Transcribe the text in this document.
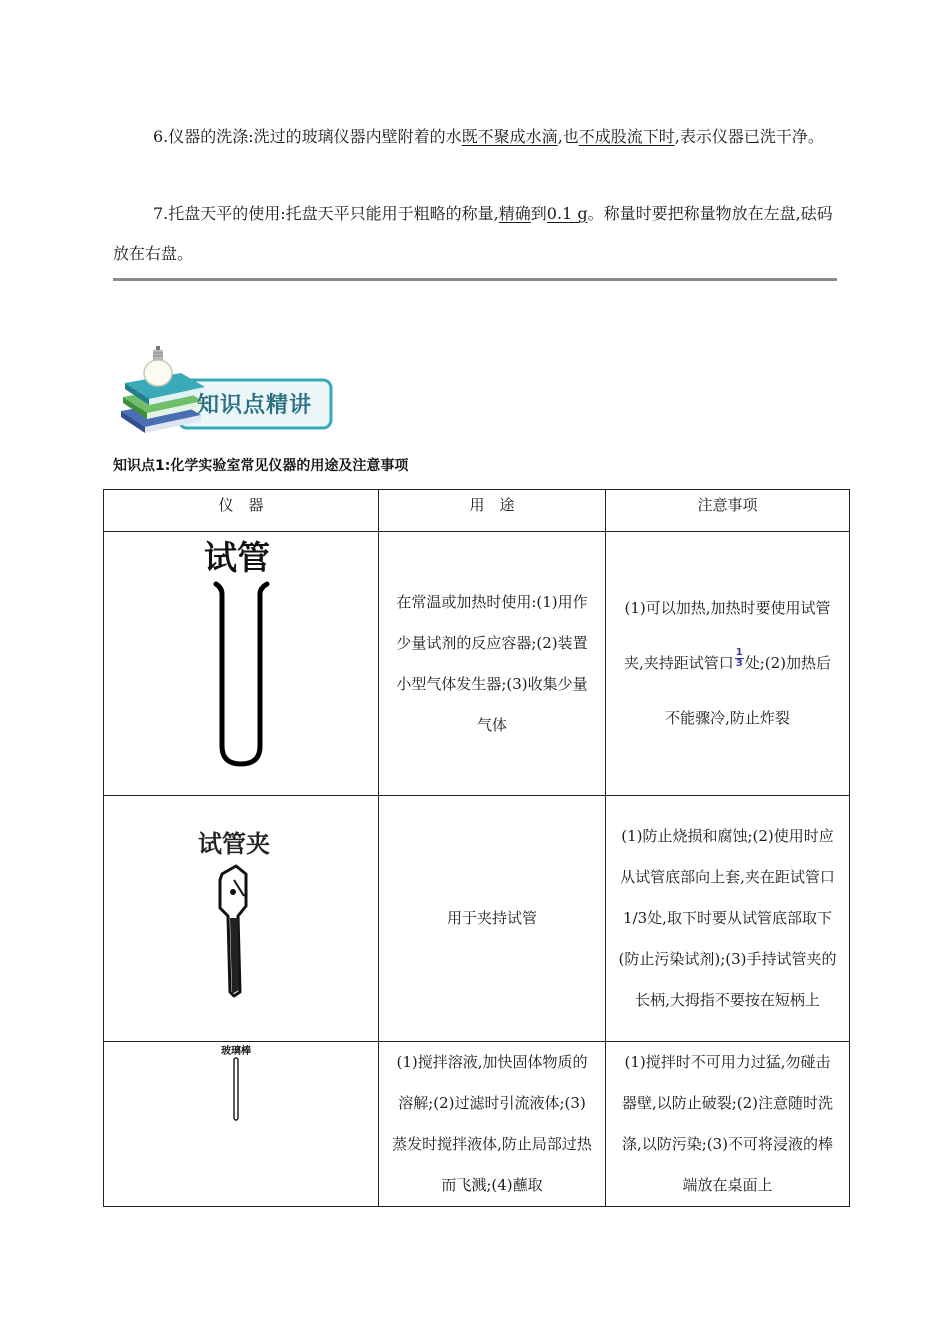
6.仪器的洗涤:洗过的玻璃仪器内壁附着的水既不聚成水滴,也不成股流下时,表示仪器已洗干净。

7.托盘天平的使用:托盘天平只能用于粗略的称量,精确到0.1 g。称量时要把称量物放在左盘,砝码放在右盘。

知识点精讲
知识点1:化学实验室常见仪器的用途及注意事项
仪　器	用　途	注意事项

试管	在常温或加热时使用:(1)用作少量试剂的反应容器;(2)装置小型气体发生器;(3)收集少量气体	(1)可以加热,加热时要使用试管夹,夹持距试管口 $\frac{1}{3}$ 处;(2)加热后不能骤冷,防止炸裂

试管夹	用于夹持试管	(1)防止烧损和腐蚀;(2)使用时应从试管底部向上套,夹在距试管口1/3处,取下时要从试管底部取下(防止污染试剂);(3)手持试管夹的长柄,大拇指不要按在短柄上

玻璃棒	(1)搅拌溶液,加快固体物质的溶解;(2)过滤时引流液体;(3)蒸发时搅拌液体,防止局部过热而飞溅;(4)蘸取	(1)搅拌时不可用力过猛,勿碰击器壁,以防止破裂;(2)注意随时洗涤,以防污染;(3)不可将浸液的棒端放在桌面上
